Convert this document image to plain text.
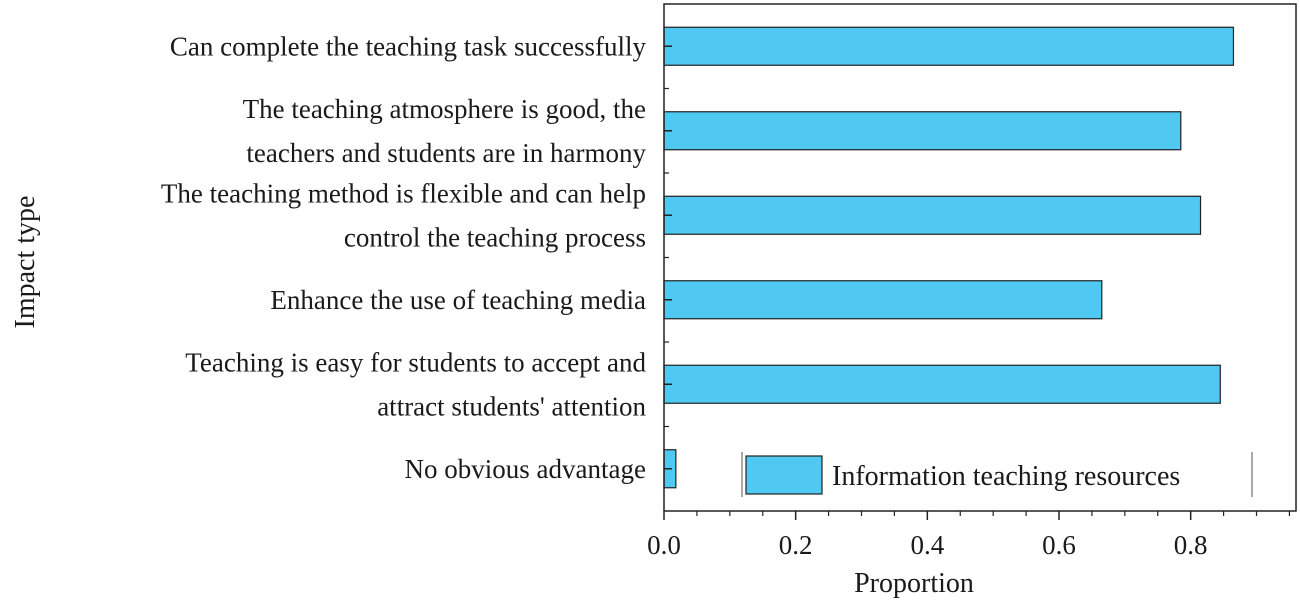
0.0	0.2	0.4	0.6	0.8
Can complete the teaching task successfully
The teaching atmosphere is good, the
teachers and students are in harmony
The teaching method is flexible and can help
control the teaching process
Enhance the use of teaching media
Teaching is easy for students to accept and
attract students' attention
No obvious advantage
Proportion
Impact type
Information teaching resources
